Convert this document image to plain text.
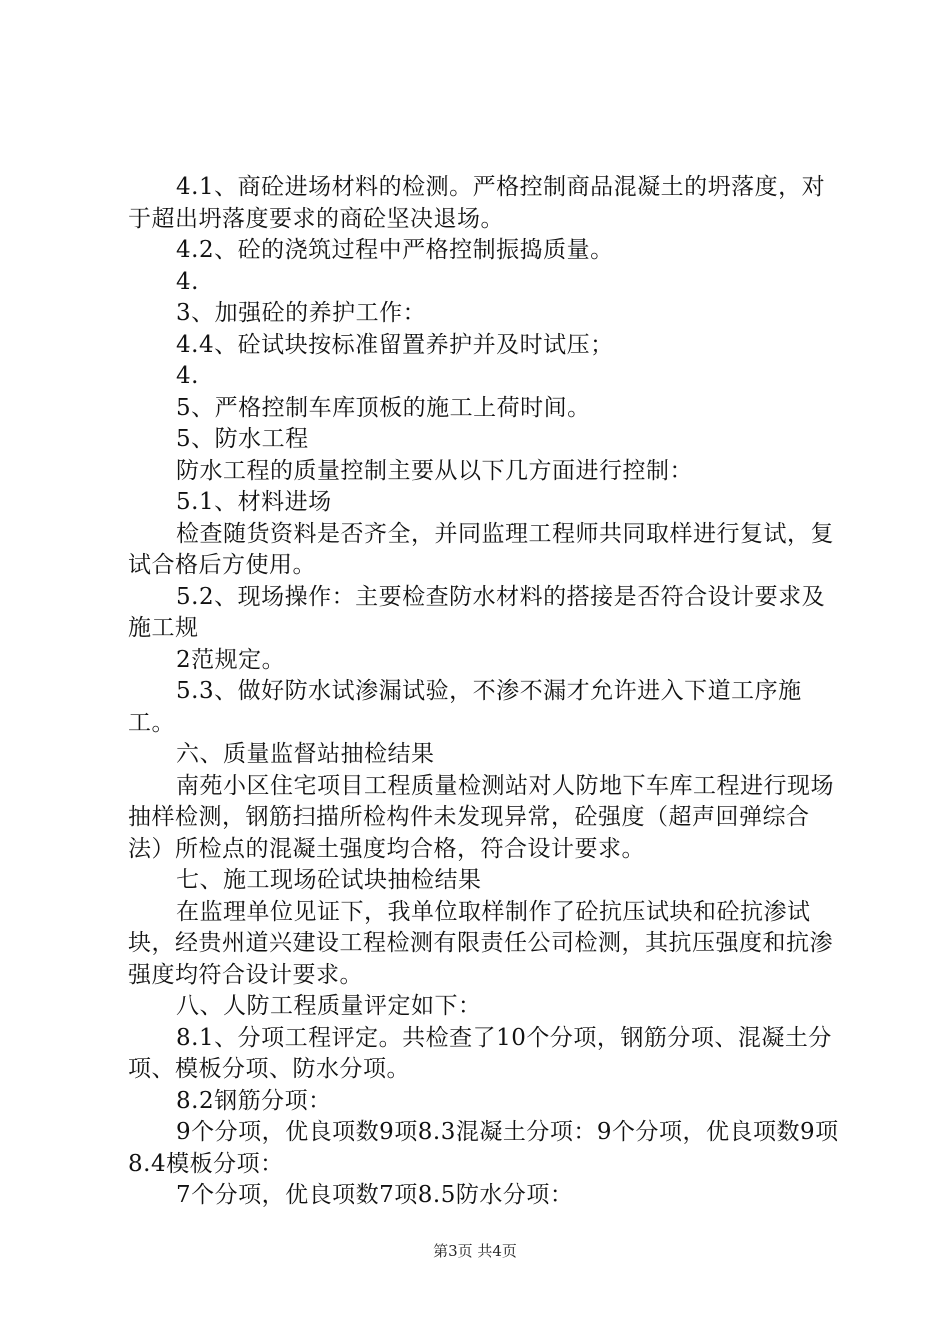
4.1、商砼进场材料的检测。严格控制商品混凝土的坍落度，对于超出坍落度要求的商砼坚决退场。

4.2、砼的浇筑过程中严格控制振捣质量。

4.

3、加强砼的养护工作：

4.4、砼试块按标准留置养护并及时试压；

4.

5、严格控制车库顶板的施工上荷时间。

5、防水工程

防水工程的质量控制主要从以下几方面进行控制：

5.1、材料进场

检查随货资料是否齐全，并同监理工程师共同取样进行复试，复试合格后方使用。

5.2、现场操作：主要检查防水材料的搭接是否符合设计要求及施工规

2范规定。

5.3、做好防水试渗漏试验，不渗不漏才允许进入下道工序施工。

六、质量监督站抽检结果

南苑小区住宅项目工程质量检测站对人防地下车库工程进行现场抽样检测，钢筋扫描所检构件未发现异常，砼强度（超声回弹综合法）所检点的混凝土强度均合格，符合设计要求。

七、施工现场砼试块抽检结果

在监理单位见证下，我单位取样制作了砼抗压试块和砼抗渗试块，经贵州道兴建设工程检测有限责任公司检测，其抗压强度和抗渗强度均符合设计要求。

八、人防工程质量评定如下：

8.1、分项工程评定。共检查了10个分项，钢筋分项、混凝土分项、模板分项、防水分项。

8.2钢筋分项：

9个分项，优良项数9项8.3混凝土分项：9个分项，优良项数9项8.4模板分项：

7个分项，优良项数7项8.5防水分项：

第3页 共4页
